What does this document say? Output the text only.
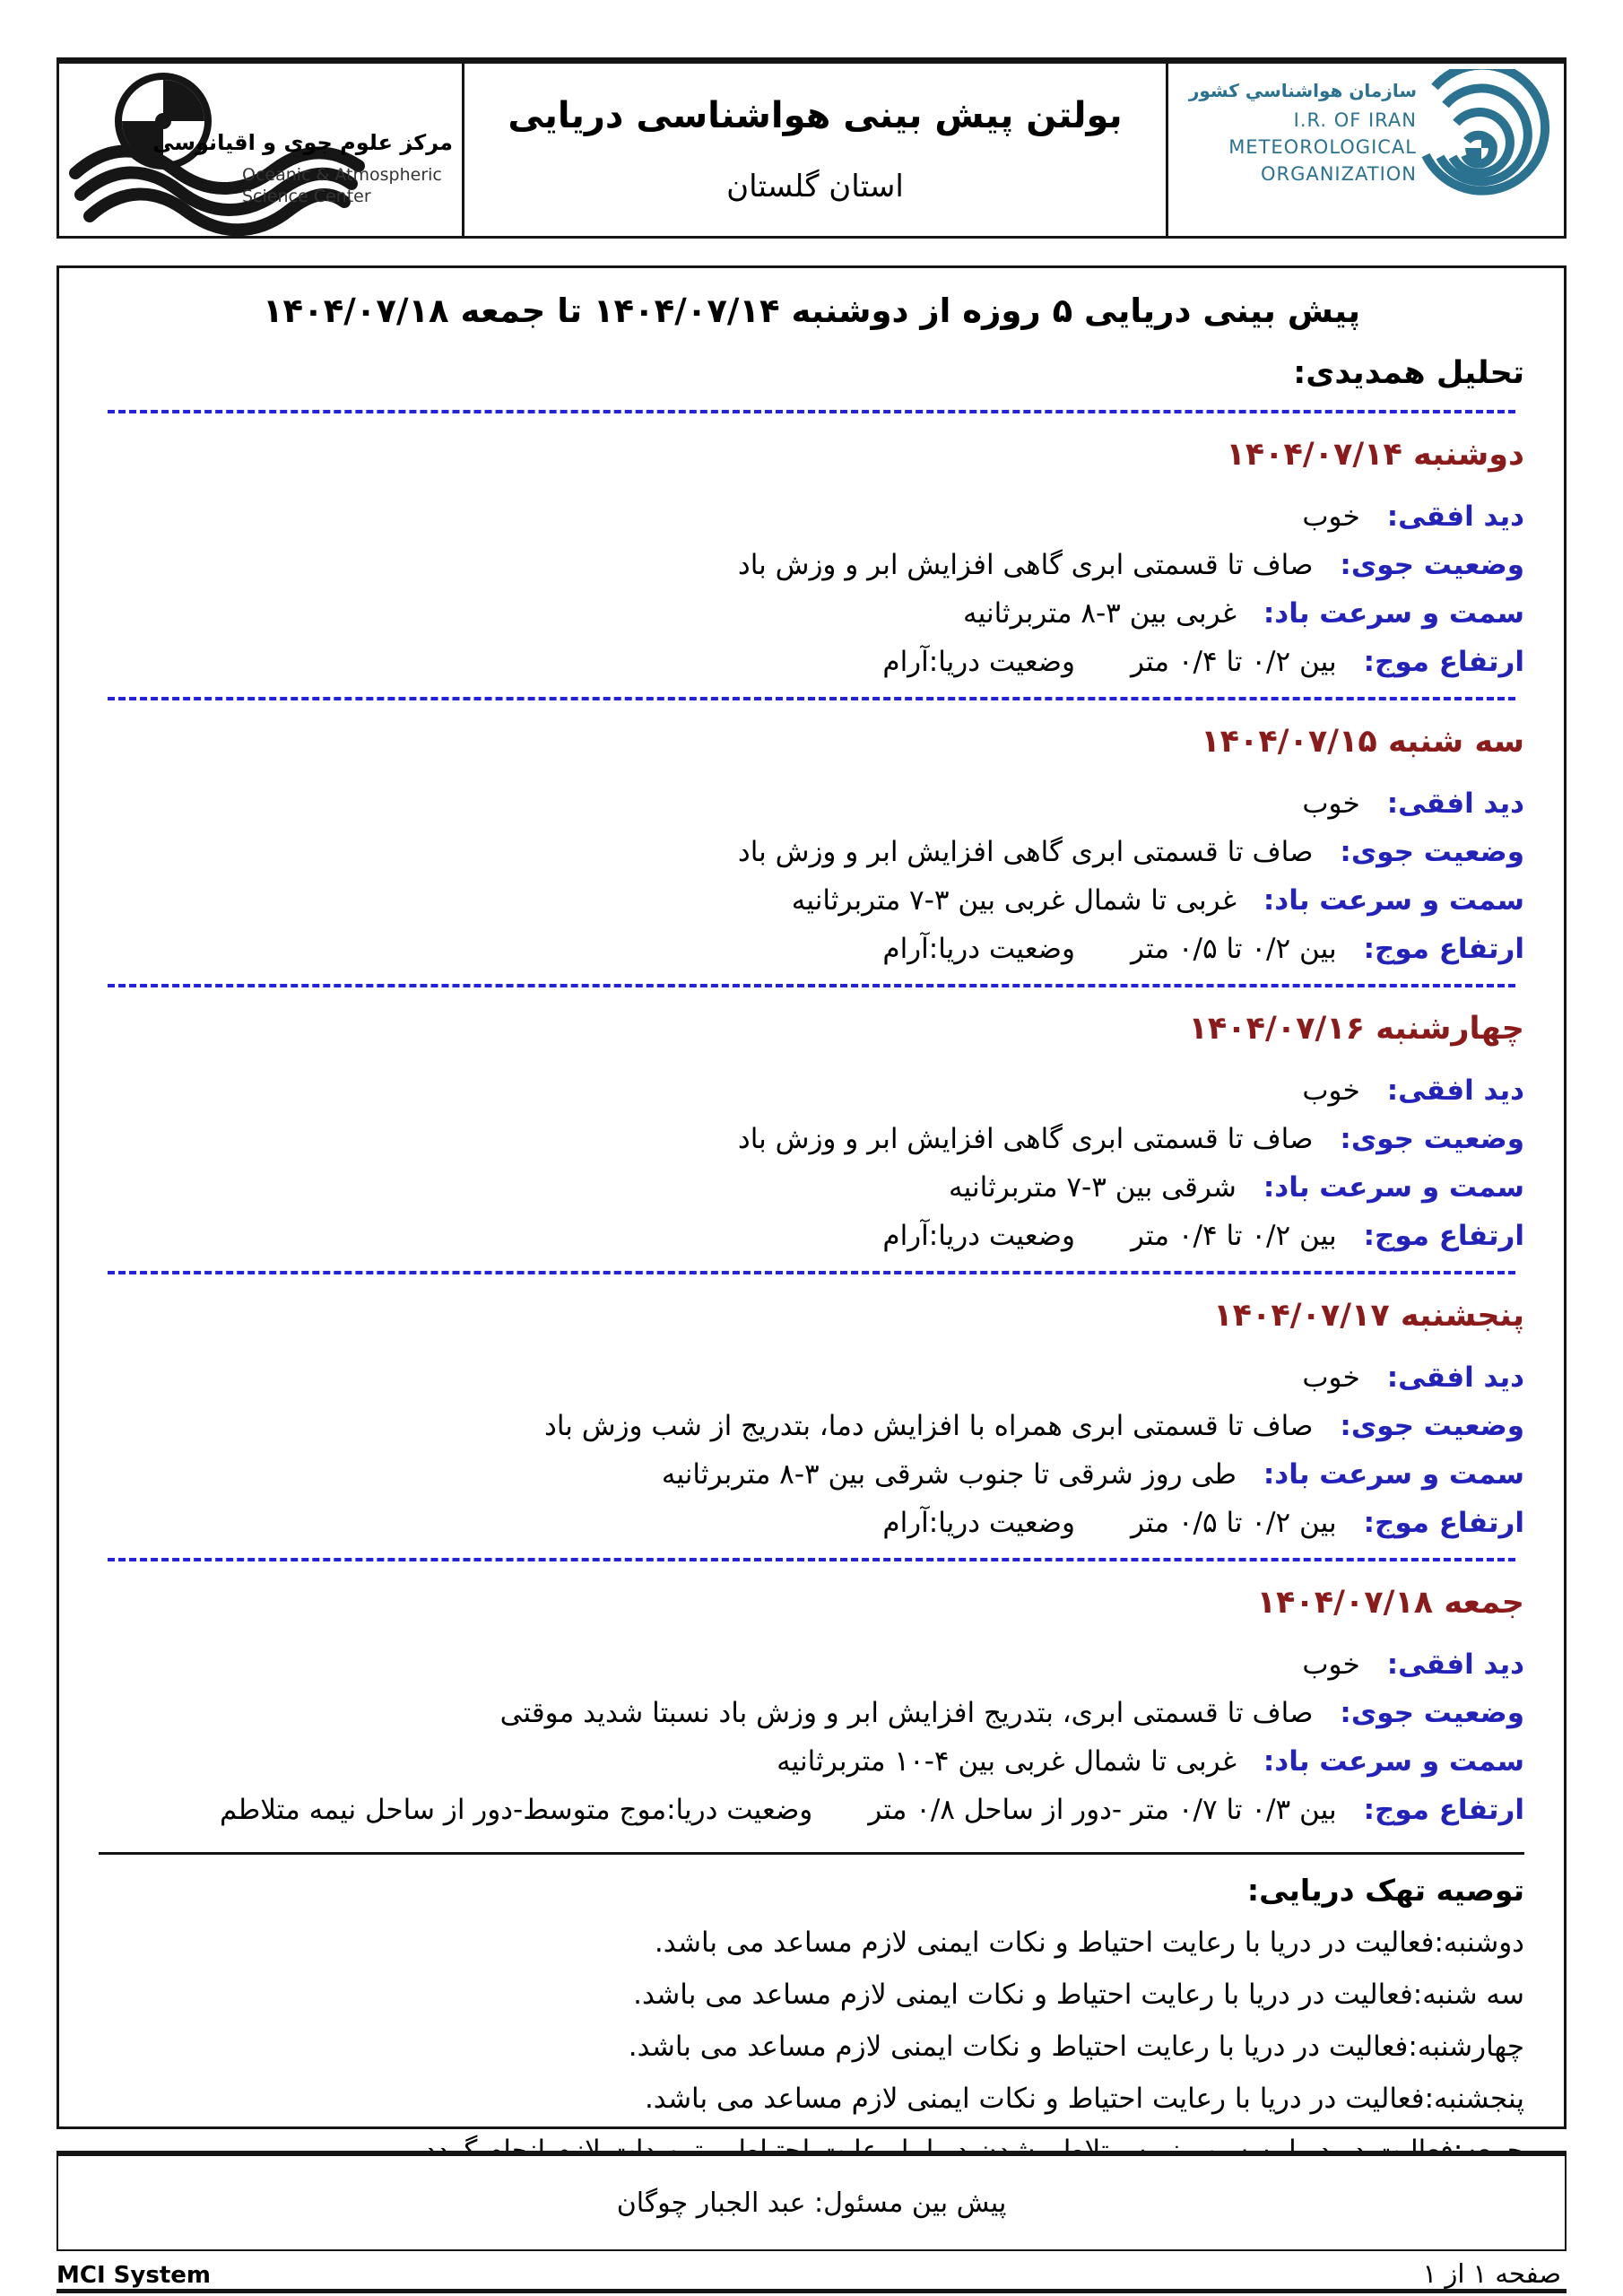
مرکز علوم جوی و اقیانوسی
Oceanic & Atmospheric
Science Center
بولتن پیش بینی هواشناسی دریایی
استان گلستان
سازمان هواشناسي كشور
I.R. OF IRAN
METEOROLOGICAL
ORGANIZATION
پیش بینی دریایی ۵ روزه از دوشنبه ۱۴۰۴/۰۷/۱۴ تا جمعه ۱۴۰۴/۰۷/۱۸
تحلیل همدیدی:
دوشنبه ۱۴۰۴/۰۷/۱۴
دید افقی:خوب
وضعیت جوی:صاف تا قسمتی ابری گاهی افزایش ابر و وزش باد
سمت و سرعت باد:غربی بین ۳-۸ متربرثانیه
ارتفاع موج:بین ۰/۲ تا ۰/۴ متروضعیت دریا:آرام
سه شنبه ۱۴۰۴/۰۷/۱۵
دید افقی:خوب
وضعیت جوی:صاف تا قسمتی ابری گاهی افزایش ابر و وزش باد
سمت و سرعت باد:غربی تا شمال غربی بین ۳-۷ متربرثانیه
ارتفاع موج:بین ۰/۲ تا ۰/۵ متروضعیت دریا:آرام
چهارشنبه ۱۴۰۴/۰۷/۱۶
دید افقی:خوب
وضعیت جوی:صاف تا قسمتی ابری گاهی افزایش ابر و وزش باد
سمت و سرعت باد:شرقی بین ۳-۷ متربرثانیه
ارتفاع موج:بین ۰/۲ تا ۰/۴ متروضعیت دریا:آرام
پنجشنبه ۱۴۰۴/۰۷/۱۷
دید افقی:خوب
وضعیت جوی:صاف تا قسمتی ابری همراه با افزایش دما، بتدریج از شب وزش باد
سمت و سرعت باد:طی روز شرقی تا جنوب شرقی بین ۳-۸ متربرثانیه
ارتفاع موج:بین ۰/۲ تا ۰/۵ متروضعیت دریا:آرام
جمعه ۱۴۰۴/۰۷/۱۸
دید افقی:خوب
وضعیت جوی:صاف تا قسمتی ابری، بتدریج افزایش ابر و وزش باد نسبتا شدید موقتی
سمت و سرعت باد:غربی تا شمال غربی بین ۴-۱۰ متربرثانیه
ارتفاع موج:بین ۰/۳ تا ۰/۷ متر -دور از ساحل ۰/۸ متروضعیت دریا:موج متوسط-دور از ساحل نیمه متلاطم
توصیه تهک دریایی:
دوشنبه:فعالیت در دریا با رعایت احتیاط و نکات ایمنی لازم مساعد می باشد.
سه شنبه:فعالیت در دریا با رعایت احتیاط و نکات ایمنی لازم مساعد می باشد.
چهارشنبه:فعالیت در دریا با رعایت احتیاط و نکات ایمنی لازم مساعد می باشد.
پنجشنبه:فعالیت در دریا با رعایت احتیاط و نکات ایمنی لازم مساعد می باشد.
پیش بین مسئول: عبد الجبار چوگان
MCI System	صفحه ۱ از ۱
